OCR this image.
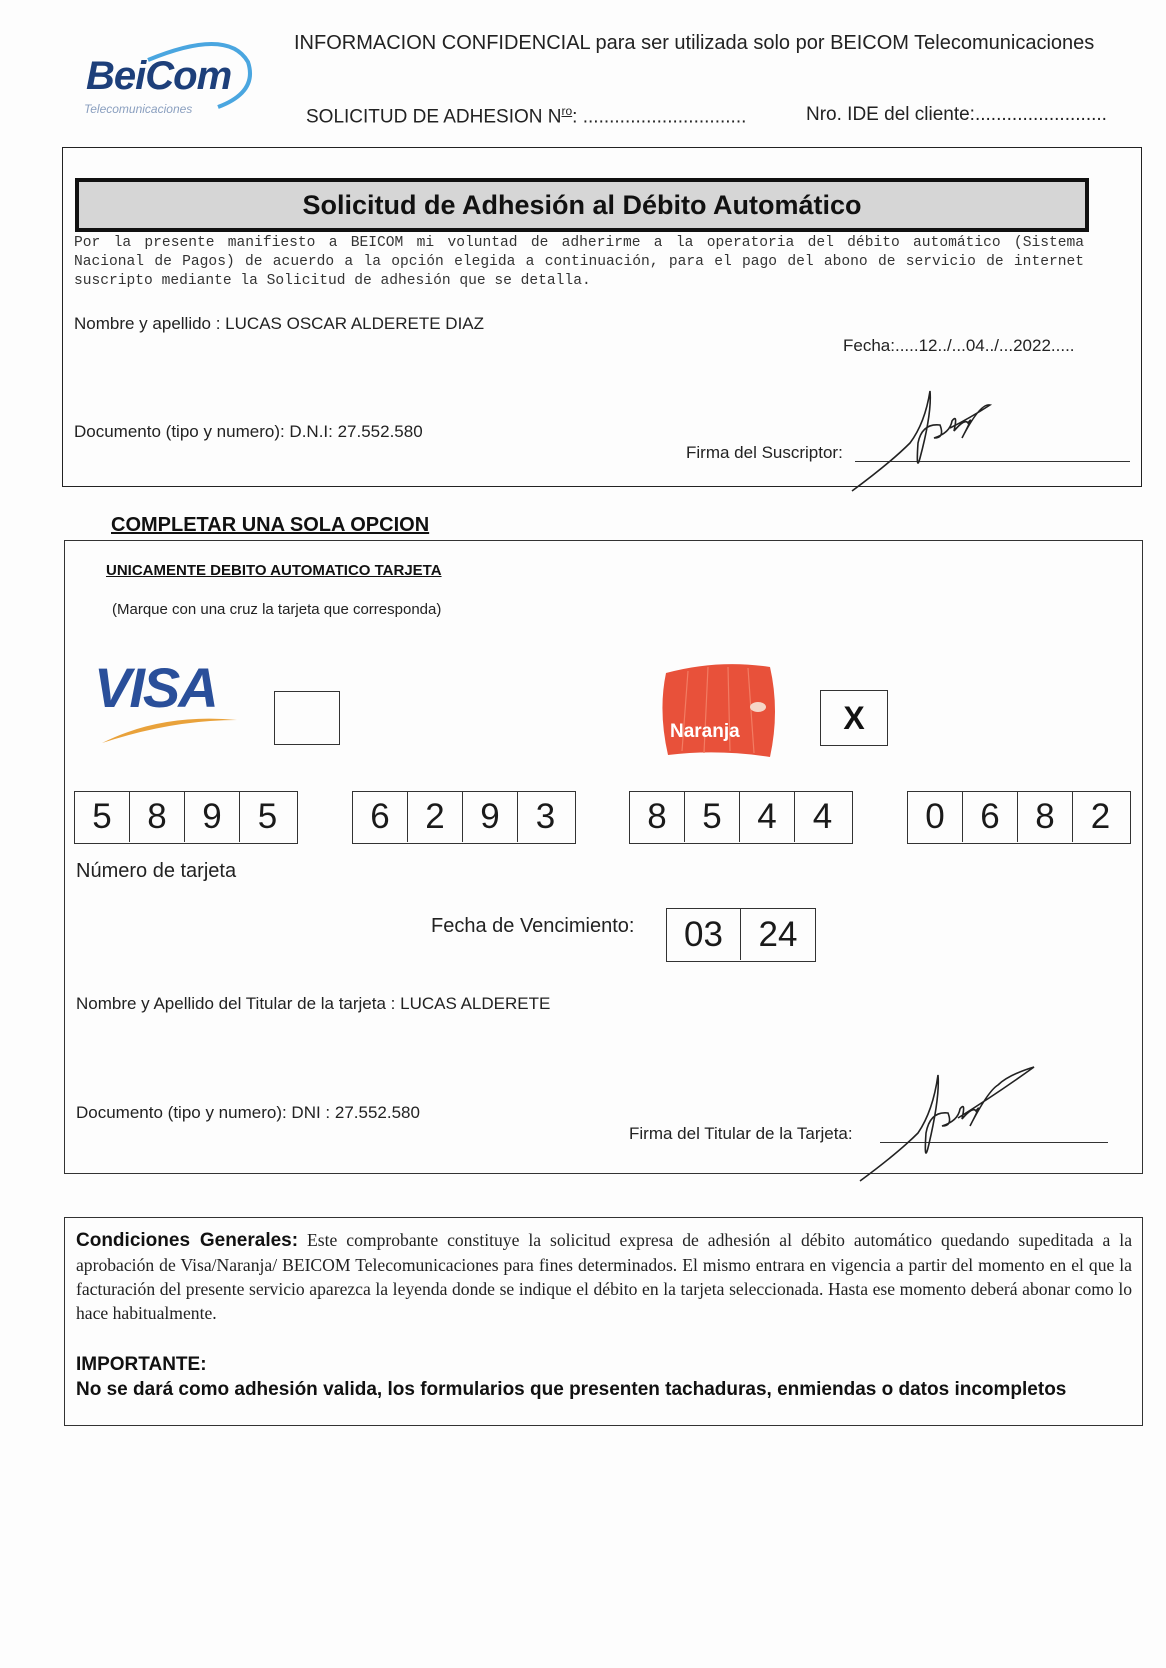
BeiCom
Telecomunicaciones
INFORMACION CONFIDENCIAL para ser utilizada solo por BEICOM Telecomunicaciones
SOLICITUD DE ADHESION $N^{ro}$: ...............................	Nro. IDE del cliente:.........................
Solicitud de Adhesión al Débito Automático
Por la presente manifiesto a BEICOM mi voluntad de adherirme a la operatoria del débito automático (Sistema Nacional de Pagos) de acuerdo a la opción elegida a continuación, para el pago del abono de servicio de internet suscripto mediante la Solicitud de adhesión que se detalla.
Nombre y apellido : LUCAS OSCAR ALDERETE DIAZ
Fecha:.....12../...04../...2022.....
Documento (tipo y numero): D.N.I: 27.552.580
Firma del Suscriptor:
COMPLETAR UNA SOLA OPCION
UNICAMENTE DEBITO AUTOMATICO TARJETA
(Marque con una cruz la tarjeta que corresponda)
VISA
Naranja	X
5	8	9	5	6	2	9	3	8	5	4	4	0	6	8	2
Número de tarjeta
Fecha de Vencimiento:	03	24
Nombre y Apellido del Titular de la tarjeta : LUCAS ALDERETE
Documento (tipo y numero): DNI : 27.552.580
Firma del Titular de la Tarjeta:
Condiciones Generales: Este comprobante constituye la solicitud expresa de adhesión al débito automático quedando supeditada a la aprobación de Visa/Naranja/ BEICOM Telecomunicaciones para fines determinados. El mismo entrara en vigencia a partir del momento en el que la facturación del presente servicio aparezca la leyenda donde se indique el débito en la tarjeta seleccionada. Hasta ese momento deberá abonar como lo hace habitualmente.
IMPORTANTE:
No se dará como adhesión valida, los formularios que presenten tachaduras, enmiendas o datos incompletos
